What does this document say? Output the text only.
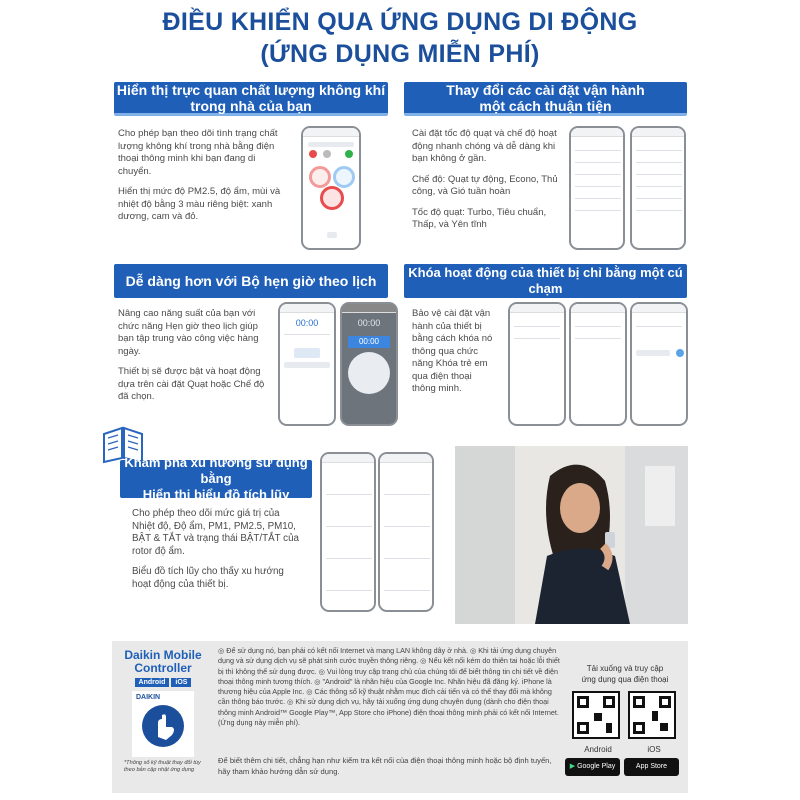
ĐIỀU KHIỂN QUA ỨNG DỤNG DI ĐỘNG
(ỨNG DỤNG MIỄN PHÍ)
Hiển thị trực quan chất lượng không khí
trong nhà của bạn

Cho phép bạn theo dõi tình trạng chất lượng không khí trong nhà bằng điện thoại thông minh khi bạn đang di chuyển.

Hiển thị mức độ PM2.5, độ ẩm, mùi và nhiệt độ bằng 3 màu riêng biệt: xanh dương, cam và đỏ.

Thay đổi các cài đặt vận hành
một cách thuận tiện

Cài đặt tốc độ quạt và chế độ hoạt động nhanh chóng và dễ dàng khi bạn không ở gần.

Chế độ: Quạt tự động, Econo, Thủ công, và Gió tuần hoàn

Tốc độ quạt: Turbo, Tiêu chuẩn, Thấp, và Yên tĩnh

Dễ dàng hơn với Bộ hẹn giờ theo lịch

Nâng cao năng suất của bạn với chức năng Hẹn giờ theo lịch giúp bạn tập trung vào công việc hàng ngày.

Thiết bị sẽ được bật và hoạt động dựa trên cài đặt Quạt hoặc Chế độ đã chọn.

00:00	00:00
00:00
Khóa hoạt động của thiết bị chỉ bằng một cú chạm

Bảo vệ cài đặt vận hành của thiết bị bằng cách khóa nó thông qua chức năng Khóa trẻ em qua điện thoại thông minh.

Khám phá xu hướng sử dụng bằng
Hiển thị biểu đồ tích lũy

Cho phép theo dõi mức giá trị của Nhiệt độ, Độ ẩm, PM1, PM2.5, PM10, BẬT & TẮT và trạng thái BẬT/TẮT của rotor độ ẩm.

Biểu đồ tích lũy cho thấy xu hướng hoạt động của thiết bị.

Daikin Mobile
Controller
Android	iOS
DAIKIN
*Thông số kỹ thuật thay đổi tùy theo bản cập nhật ứng dụng
◎ Để sử dụng nó, bạn phải có kết nối Internet và mạng LAN không dây ở nhà. ◎ Khi tải ứng dụng chuyên dụng và sử dụng dịch vụ sẽ phát sinh cước truyền thông riêng. ◎ Nếu kết nối kém do thiên tai hoặc lỗi thiết bị thì không thể sử dụng được. ◎ Vui lòng truy cập trang chủ của chúng tôi để biết thông tin chi tiết về điện thoại thông minh tương thích. ◎ "Android" là nhãn hiệu của Google Inc. Nhãn hiệu đã đăng ký. iPhone là thương hiệu của Apple Inc. ◎ Các thông số kỹ thuật nhằm mục đích cải tiến và có thể thay đổi mà không cần thông báo trước. ◎ Khi sử dụng dịch vụ, hãy tải xuống ứng dụng chuyên dụng (dành cho điện thoại thông minh Android™ Google Play™, App Store cho iPhone) điện thoại thông minh phải có kết nối Internet. (Ứng dụng này miễn phí).
Để biết thêm chi tiết, chẳng hạn như kiểm tra kết nối của điện thoại thông minh hoặc bộ định tuyến, hãy tham khảo hướng dẫn sử dụng.
Tải xuống và truy cập
ứng dụng qua điện thoại
Android	iOS
▶ Google Play	App Store
